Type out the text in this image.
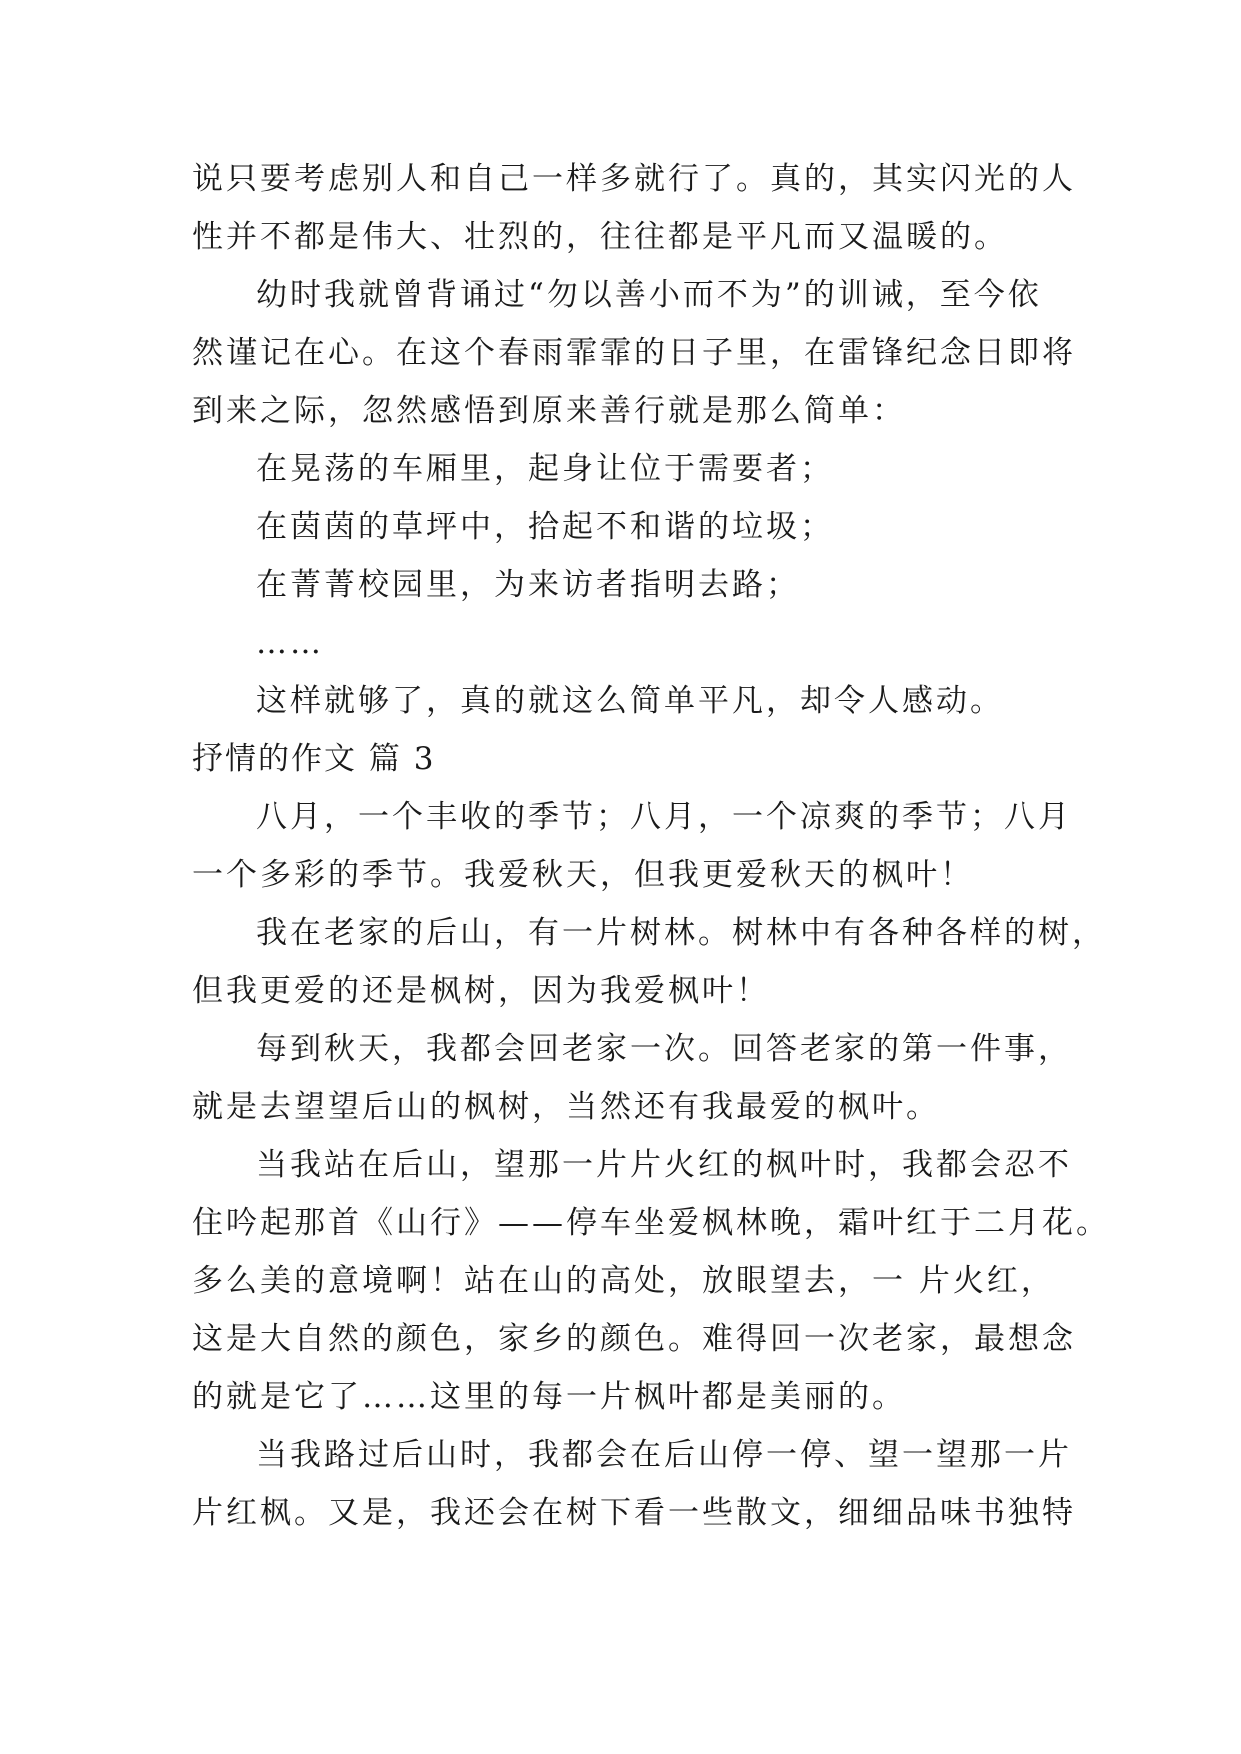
说只要考虑别人和自己一样多就行了。真的，其实闪光的人
性并不都是伟大、壮烈的，往往都是平凡而又温暖的。
幼时我就曾背诵过“勿以善小而不为”的训诫，至今依
然谨记在心。在这个春雨霏霏的日子里，在雷锋纪念日即将
到来之际，忽然感悟到原来善行就是那么简单：
在晃荡的车厢里，起身让位于需要者；
在茵茵的草坪中，拾起不和谐的垃圾；
在菁菁校园里，为来访者指明去路；
……
这样就够了，真的就这么简单平凡，却令人感动。
抒情的作文 篇 3
八月，一个丰收的季节；八月，一个凉爽的季节；八月
一个多彩的季节。我爱秋天，但我更爱秋天的枫叶！
我在老家的后山，有一片树林。树林中有各种各样的树，
但我更爱的还是枫树，因为我爱枫叶！
每到秋天，我都会回老家一次。回答老家的第一件事，
就是去望望后山的枫树，当然还有我最爱的枫叶。
当我站在后山，望那一片片火红的枫叶时，我都会忍不
住吟起那首《山行》——停车坐爱枫林晚，霜叶红于二月花。
多么美的意境啊！站在山的高处，放眼望去，一 片火红，
这是大自然的颜色，家乡的颜色。难得回一次老家，最想念
的就是它了……这里的每一片枫叶都是美丽的。
当我路过后山时，我都会在后山停一停、望一望那一片
片红枫。又是，我还会在树下看一些散文，细细品味书独特
